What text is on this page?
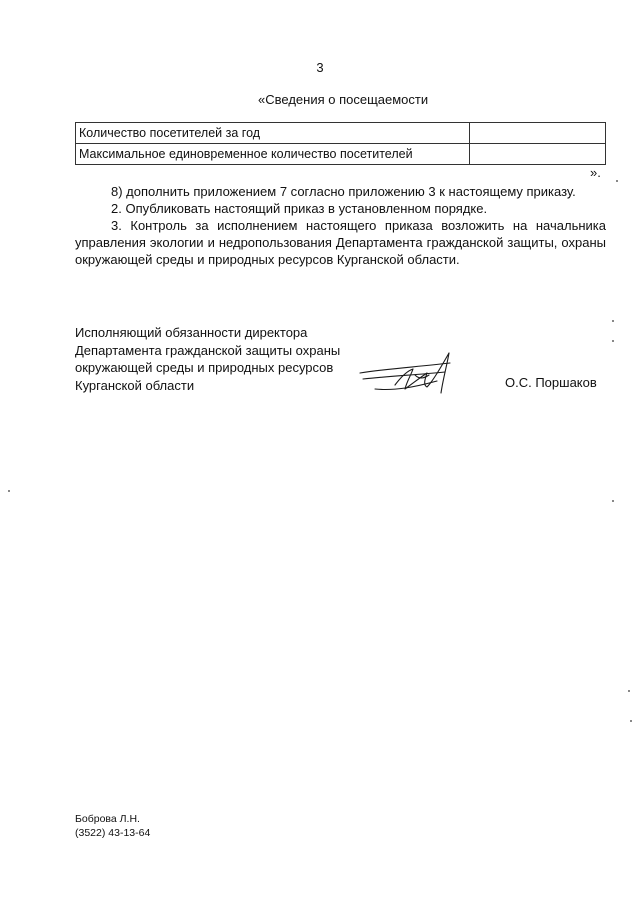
3
«Сведения о посещаемости
Количество посетителей за год	
Максимальное единовременное количество посетителей	
».

8) дополнить приложением 7 согласно приложению 3 к настоящему приказу.

2. Опубликовать настоящий приказ в установленном порядке.

3. Контроль за исполнением настоящего приказа возложить на начальника управления экологии и недропользования Департамента гражданской защиты, охраны окружающей среды и природных ресурсов Курганской области.

Исполняющий обязанности директора
Департамента гражданской защиты охраны
окружающей среды и природных ресурсов
Курганской области	О.С. Поршаков
Боброва Л.Н.
(3522) 43-13-64
